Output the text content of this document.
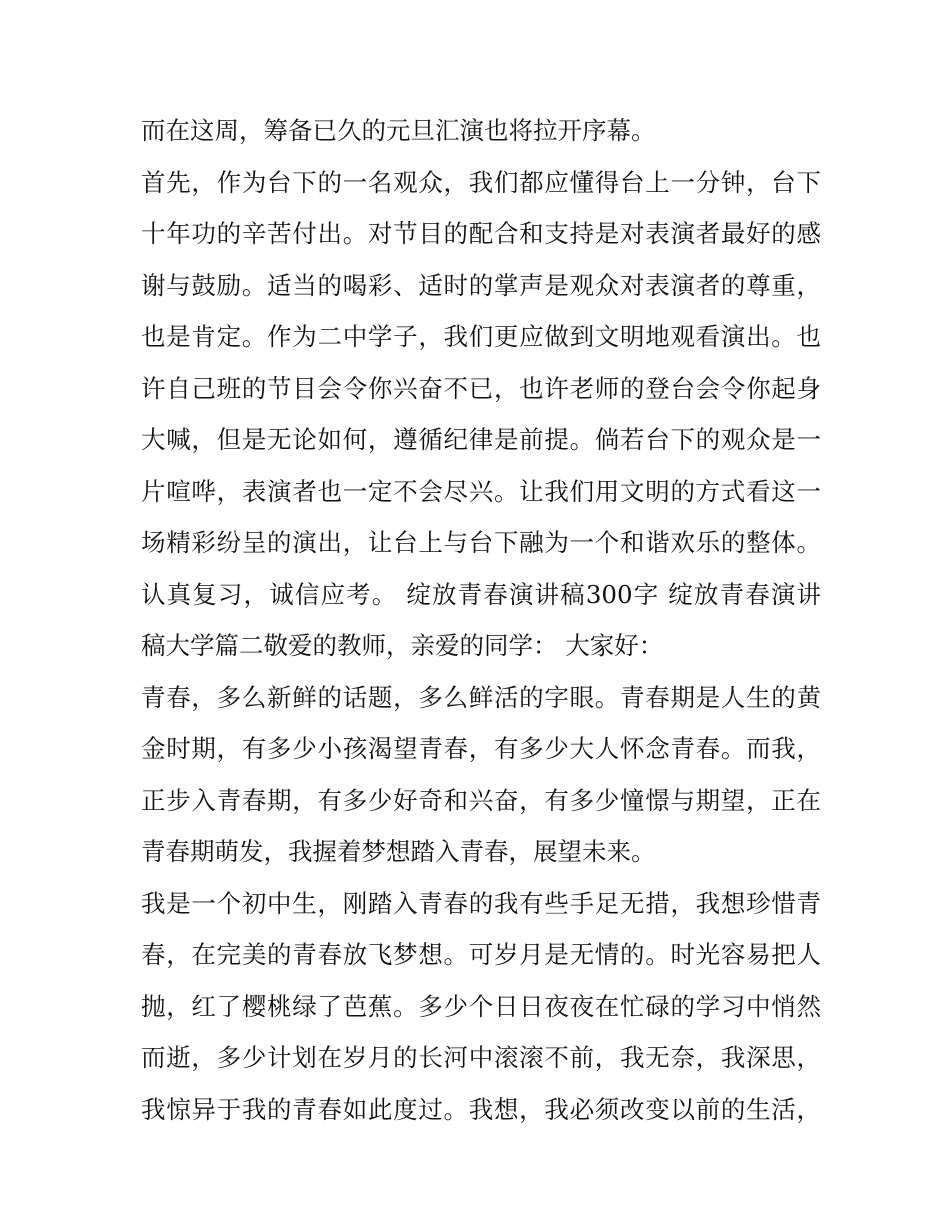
而在这周，筹备已久的元旦汇演也将拉开序幕。
首先，作为台下的一名观众，我们都应懂得台上一分钟，台下
十年功的辛苦付出。对节目的配合和支持是对表演者最好的感
谢与鼓励。适当的喝彩、适时的掌声是观众对表演者的尊重，
也是肯定。作为二中学子，我们更应做到文明地观看演出。也
许自己班的节目会令你兴奋不已，也许老师的登台会令你起身
大喊，但是无论如何，遵循纪律是前提。倘若台下的观众是一
片喧哗，表演者也一定不会尽兴。让我们用文明的方式看这一
场精彩纷呈的演出，让台上与台下融为一个和谐欢乐的整体。
认真复习，诚信应考。 绽放青春演讲稿300字 绽放青春演讲
稿大学篇二敬爱的教师，亲爱的同学： 大家好：
青春，多么新鲜的话题，多么鲜活的字眼。青春期是人生的黄
金时期，有多少小孩渴望青春，有多少大人怀念青春。而我，
正步入青春期，有多少好奇和兴奋，有多少憧憬与期望，正在
青春期萌发，我握着梦想踏入青春，展望未来。
我是一个初中生，刚踏入青春的我有些手足无措，我想珍惜青
春，在完美的青春放飞梦想。可岁月是无情的。时光容易把人
抛，红了樱桃绿了芭蕉。多少个日日夜夜在忙碌的学习中悄然
而逝，多少计划在岁月的长河中滚滚不前，我无奈，我深思，
我惊异于我的青春如此度过。我想，我必须改变以前的生活，
